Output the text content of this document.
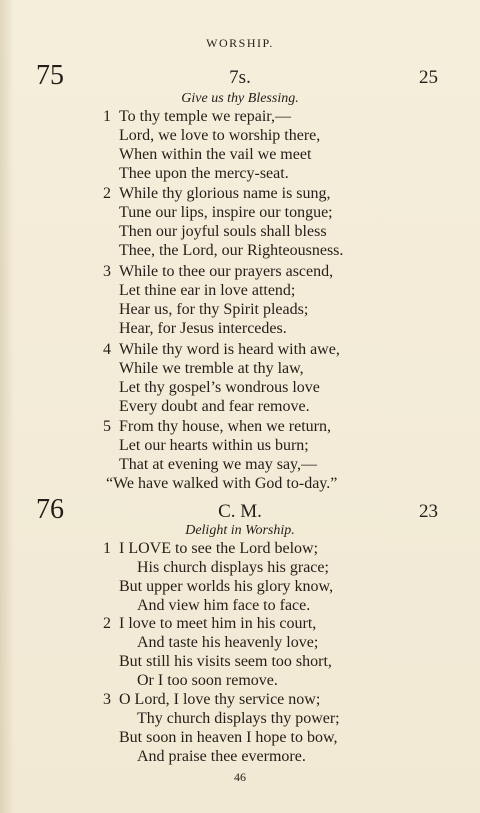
WORSHIP.
75	7s.	25
Give us thy Blessing.
1 To thy temple we repair,—
Lord, we love to worship there,
When within the vail we meet
Thee upon the mercy-seat.
2 While thy glorious name is sung,
Tune our lips, inspire our tongue;
Then our joyful souls shall bless
Thee, the Lord, our Righteousness.
3 While to thee our prayers ascend,
Let thine ear in love attend;
Hear us, for thy Spirit pleads;
Hear, for Jesus intercedes.
4 While thy word is heard with awe,
While we tremble at thy law,
Let thy gospel’s wondrous love
Every doubt and fear remove.
5 From thy house, when we return,
Let our hearts within us burn;
That at evening we may say,—
“We have walked with God to-day.”
76	C. M.	23
Delight in Worship.
1 I LOVE to see the Lord below;
His church displays his grace;
But upper worlds his glory know,
And view him face to face.
2 I love to meet him in his court,
And taste his heavenly love;
But still his visits seem too short,
Or I too soon remove.
3 O Lord, I love thy service now;
Thy church displays thy power;
But soon in heaven I hope to bow,
And praise thee evermore.
46
